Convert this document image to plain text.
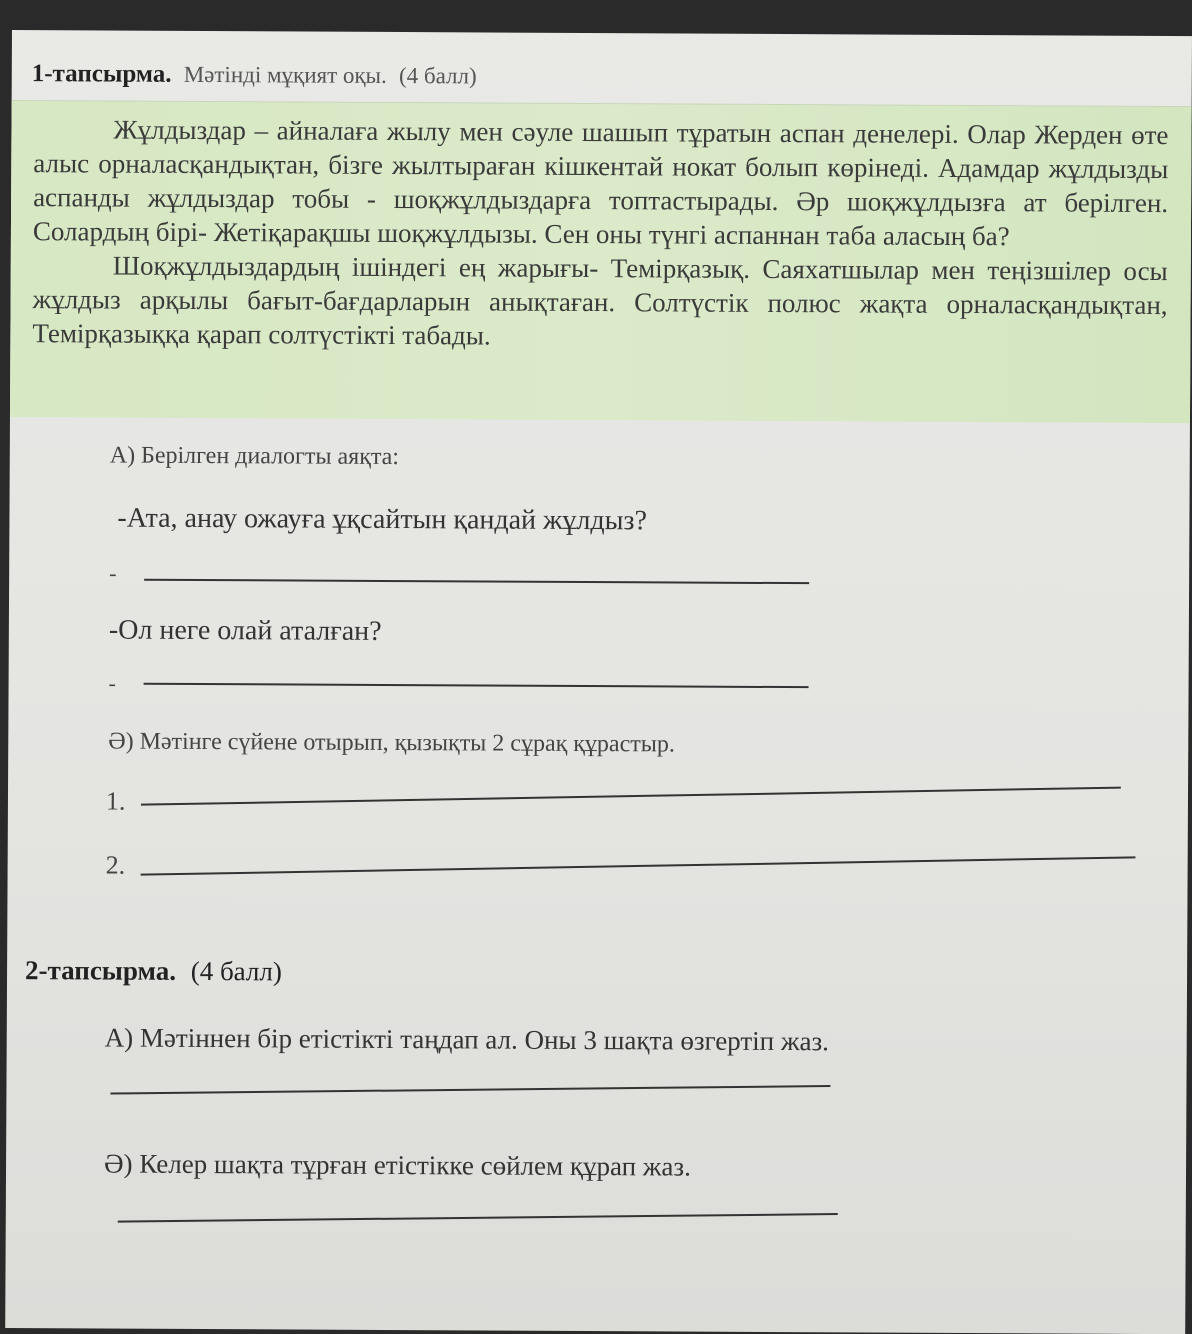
1-тапсырма. Мәтінді мұқият оқы. (4 балл)

Жұлдыздар – айналаға жылу мен сәуле шашып тұратын аспан денелері. Олар Жерден өте алыс орналасқандықтан, бізге жылтыраған кішкентай нокат болып көрінеді. Адамдар жұлдызды аспанды жұлдыздар тобы - шоқжұлдыздарға топтастырады. Әр шоқжұлдызға ат берілген. Солардың бірі- Жетіқарақшы шоқжұлдызы. Сен оны түнгі аспаннан таба аласың ба?

Шоқжұлдыздардың ішіндегі ең жарығы- Темірқазық. Саяхатшылар мен теңізшілер осы жұлдыз арқылы бағыт-бағдарларын анықтаған. Солтүстік полюс жақта орналасқандықтан, Темірқазыққа қарап солтүстікті табады.

А) Берілген диалогты аяқта:
-Ата, анау ожауға ұқсайтын қандай жұлдыз?
-
-Ол неге олай аталған?
-
Ә) Мәтінге сүйене отырып, қызықты 2 сұрақ құрастыр.
1.
2.
2-тапсырма. (4 балл)
А) Мәтіннен бір етістікті таңдап ал. Оны 3 шақта өзгертіп жаз.
Ә) Келер шақта тұрған етістікке сөйлем құрап жаз.
